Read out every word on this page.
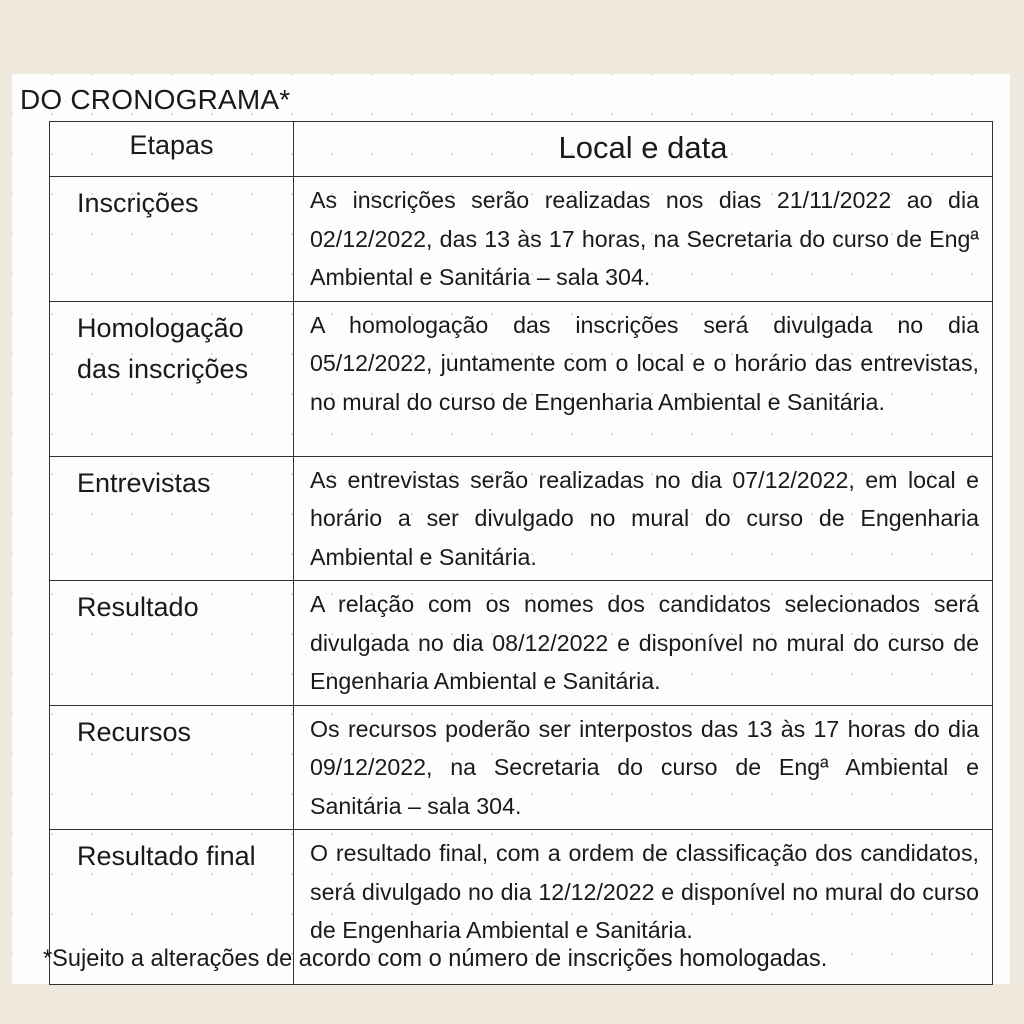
DO CRONOGRAMA*
Etapas	Local e data
Inscrições	As inscrições serão realizadas nos dias 21/11/2022 ao dia 02/12/2022, das 13 às 17 horas, na Secretaria do curso de Engª Ambiental e Sanitária – sala 304.
Homologação das inscrições	A homologação das inscrições será divulgada no dia 05/12/2022, juntamente com o local e o horário das entrevistas, no mural do curso de Engenharia Ambiental e Sanitária.
Entrevistas	As entrevistas serão realizadas no dia 07/12/2022, em local e horário a ser divulgado no mural do curso de Engenharia Ambiental e Sanitária.
Resultado	A relação com os nomes dos candidatos selecionados será divulgada no dia 08/12/2022 e disponível no mural do curso de Engenharia Ambiental e Sanitária.
Recursos	Os recursos poderão ser interpostos das 13 às 17 horas do dia 09/12/2022, na Secretaria do curso de Engª Ambiental e Sanitária – sala 304.
Resultado final	O resultado final, com a ordem de classificação dos candidatos, será divulgado no dia 12/12/2022 e disponível no mural do curso de Engenharia Ambiental e Sanitária.
*Sujeito a alterações de acordo com o número de inscrições homologadas.
